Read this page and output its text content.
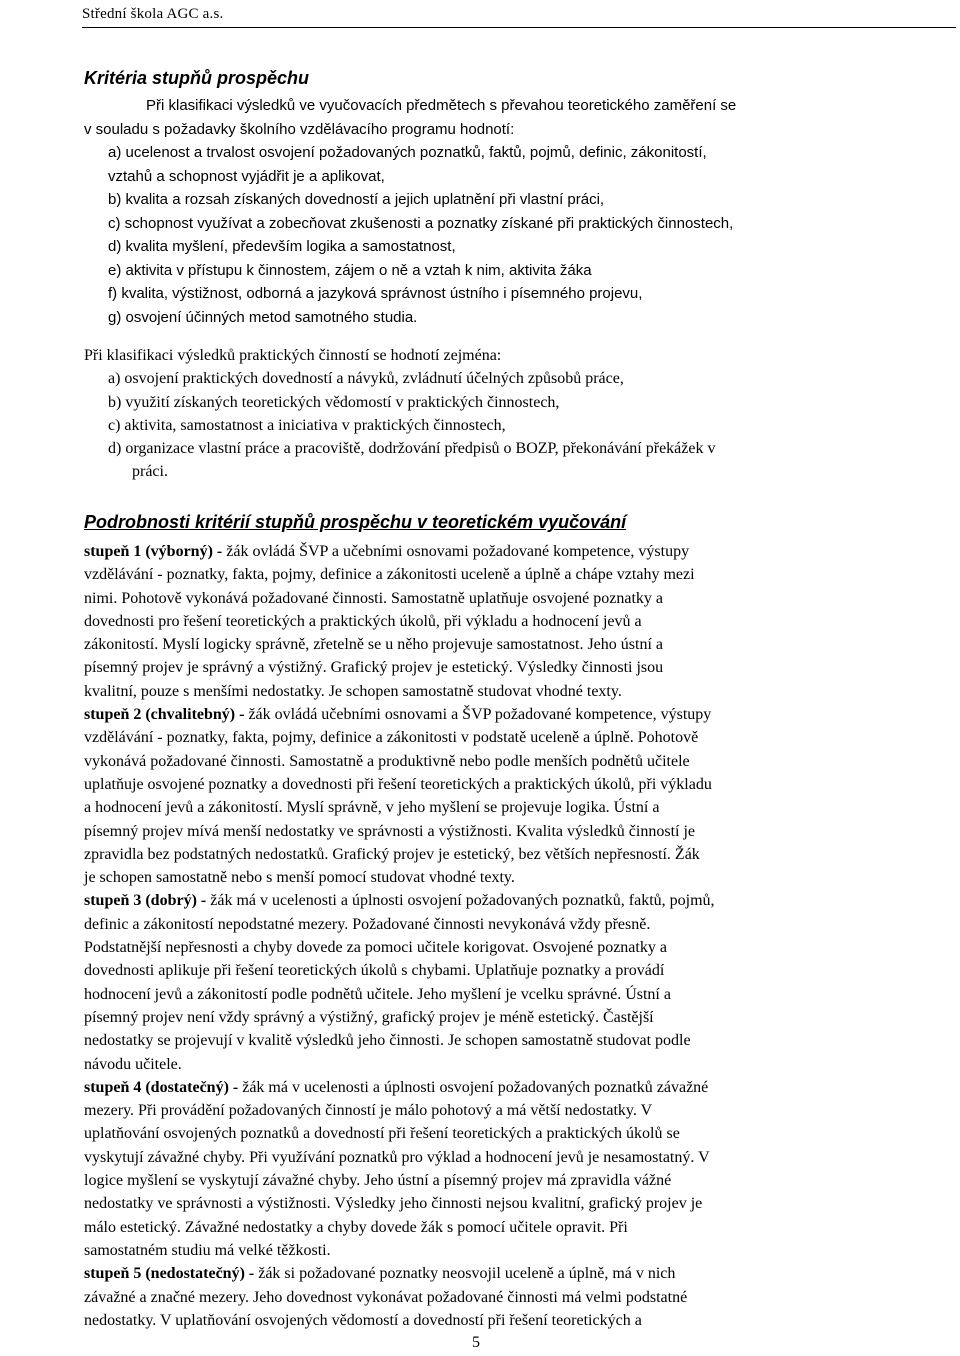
Střední škola AGC a.s.
Kritéria stupňů prospěchu
Při klasifikaci výsledků ve vyučovacích předmětech s převahou teoretického zaměření se
v souladu s požadavky školního vzdělávacího programu hodnotí:
a) ucelenost a trvalost osvojení požadovaných poznatků, faktů, pojmů, definic, zákonitostí,
vztahů a schopnost vyjádřit je a aplikovat,
b) kvalita a rozsah získaných dovedností a jejich uplatnění při vlastní práci,
c) schopnost využívat a zobecňovat zkušenosti a poznatky získané při praktických činnostech,
d) kvalita myšlení, především logika a samostatnost,
e) aktivita v přístupu k činnostem, zájem o ně a vztah k nim, aktivita žáka
f) kvalita, výstižnost, odborná a jazyková správnost ústního i písemného projevu,
g) osvojení účinných metod samotného studia.
Při klasifikaci výsledků praktických činností se hodnotí zejména:
a) osvojení praktických dovedností a návyků, zvládnutí účelných způsobů práce,
b) využití získaných teoretických vědomostí v praktických činnostech,
c) aktivita, samostatnost a iniciativa v praktických činnostech,
d) organizace vlastní práce a pracoviště, dodržování předpisů o BOZP, překonávání překážek v
práci.
Podrobnosti kritérií stupňů prospěchu v teoretickém vyučování
stupeň 1 (výborný) - žák ovládá ŠVP a učebními osnovami požadované kompetence, výstupy
vzdělávání - poznatky, fakta, pojmy, definice a zákonitosti uceleně a úplně a chápe vztahy mezi
nimi. Pohotově vykonává požadované činnosti. Samostatně uplatňuje osvojené poznatky a
dovednosti pro řešení teoretických a praktických úkolů, při výkladu a hodnocení jevů a
zákonitostí. Myslí logicky správně, zřetelně se u něho projevuje samostatnost. Jeho ústní a
písemný projev je správný a výstižný. Grafický projev je estetický. Výsledky činnosti jsou
kvalitní, pouze s menšími nedostatky. Je schopen samostatně studovat vhodné texty.
stupeň 2 (chvalitebný) - žák ovládá učebními osnovami a ŠVP požadované kompetence, výstupy
vzdělávání - poznatky, fakta, pojmy, definice a zákonitosti v podstatě uceleně a úplně. Pohotově
vykonává požadované činnosti. Samostatně a produktivně nebo podle menších podnětů učitele
uplatňuje osvojené poznatky a dovednosti při řešení teoretických a praktických úkolů, při výkladu
a hodnocení jevů a zákonitostí. Myslí správně, v jeho myšlení se projevuje logika. Ústní a
písemný projev mívá menší nedostatky ve správnosti a výstižnosti. Kvalita výsledků činností je
zpravidla bez podstatných nedostatků. Grafický projev je estetický, bez větších nepřesností. Žák
je schopen samostatně nebo s menší pomocí studovat vhodné texty.
stupeň 3 (dobrý) - žák má v ucelenosti a úplnosti osvojení požadovaných poznatků, faktů, pojmů,
definic a zákonitostí nepodstatné mezery. Požadované činnosti nevykonává vždy přesně.
Podstatnější nepřesnosti a chyby dovede za pomoci učitele korigovat. Osvojené poznatky a
dovednosti aplikuje při řešení teoretických úkolů s chybami. Uplatňuje poznatky a provádí
hodnocení jevů a zákonitostí podle podnětů učitele. Jeho myšlení je vcelku správné. Ústní a
písemný projev není vždy správný a výstižný, grafický projev je méně estetický. Častější
nedostatky se projevují v kvalitě výsledků jeho činnosti. Je schopen samostatně studovat podle
návodu učitele.
stupeň 4 (dostatečný) - žák má v ucelenosti a úplnosti osvojení požadovaných poznatků závažné
mezery. Při provádění požadovaných činností je málo pohotový a má větší nedostatky. V
uplatňování osvojených poznatků a dovedností při řešení teoretických a praktických úkolů se
vyskytují závažné chyby. Při využívání poznatků pro výklad a hodnocení jevů je nesamostatný. V
logice myšlení se vyskytují závažné chyby. Jeho ústní a písemný projev má zpravidla vážné
nedostatky ve správnosti a výstižnosti. Výsledky jeho činnosti nejsou kvalitní, grafický projev je
málo estetický. Závažné nedostatky a chyby dovede žák s pomocí učitele opravit. Při
samostatném studiu má velké těžkosti.
stupeň 5 (nedostatečný) - žák si požadované poznatky neosvojil uceleně a úplně, má v nich
závažné a značné mezery. Jeho dovednost vykonávat požadované činnosti má velmi podstatné
nedostatky. V uplatňování osvojených vědomostí a dovedností při řešení teoretických a
5
